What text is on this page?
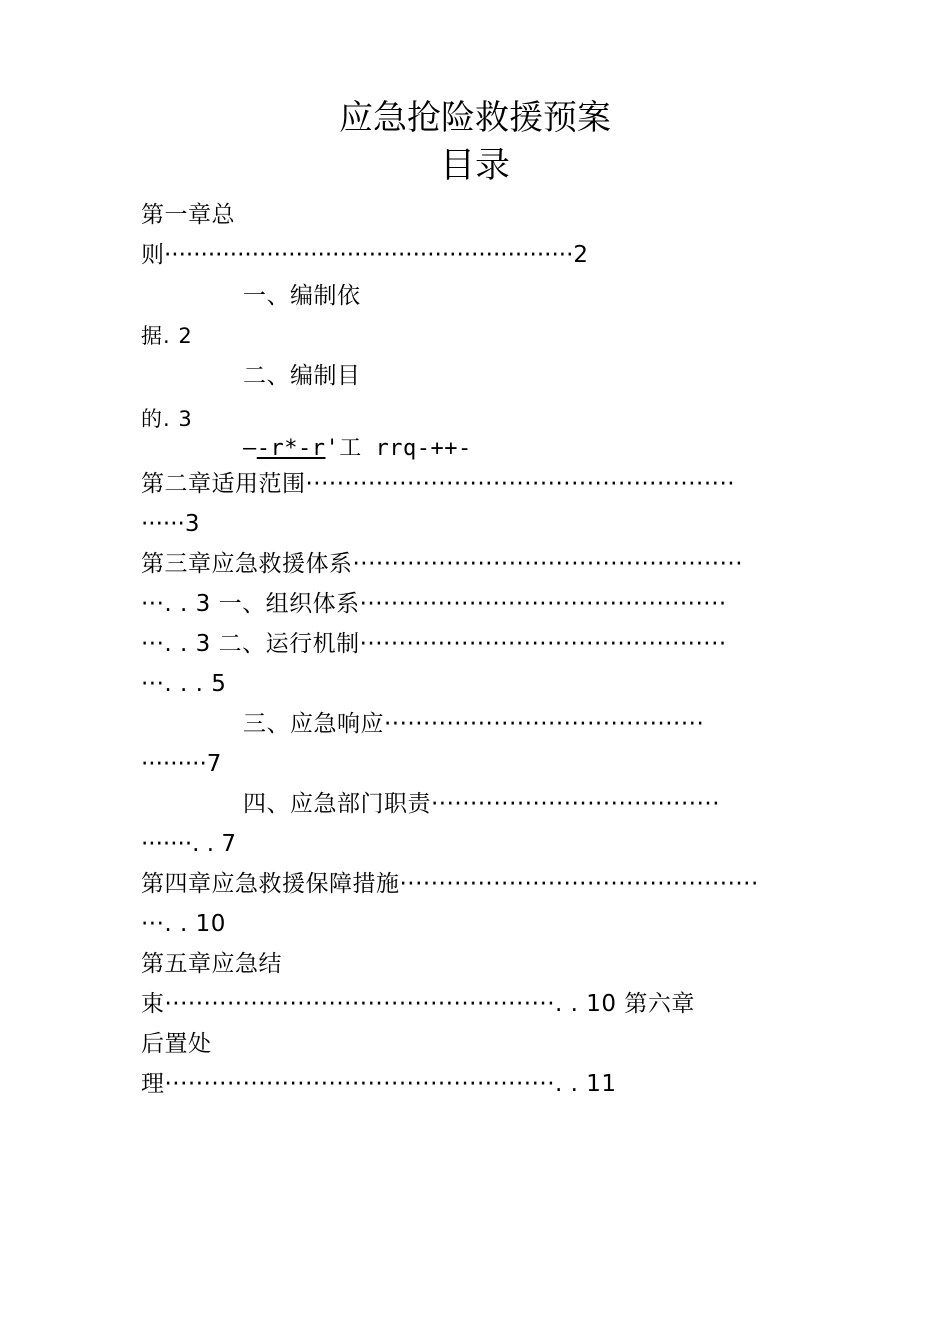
应急抢险救援预案
目录
第一章总
则························································2
一、编制依
据. 2
二、编制目
的. 3
—-r*-r'工 rrq-++-
第二章适用范围·······················································
······3
第三章应急救援体系··················································
···. . 3 一、组织体系···············································
···. . 3 二、运行机制···············································
···. . . 5
三、应急响应·········································
·········7
四、应急部门职责·····································
·······. . 7
第四章应急救援保障措施··············································
···. . 10
第五章应急结
束··················································. . 10 第六章
后置处
理··················································. . 11
